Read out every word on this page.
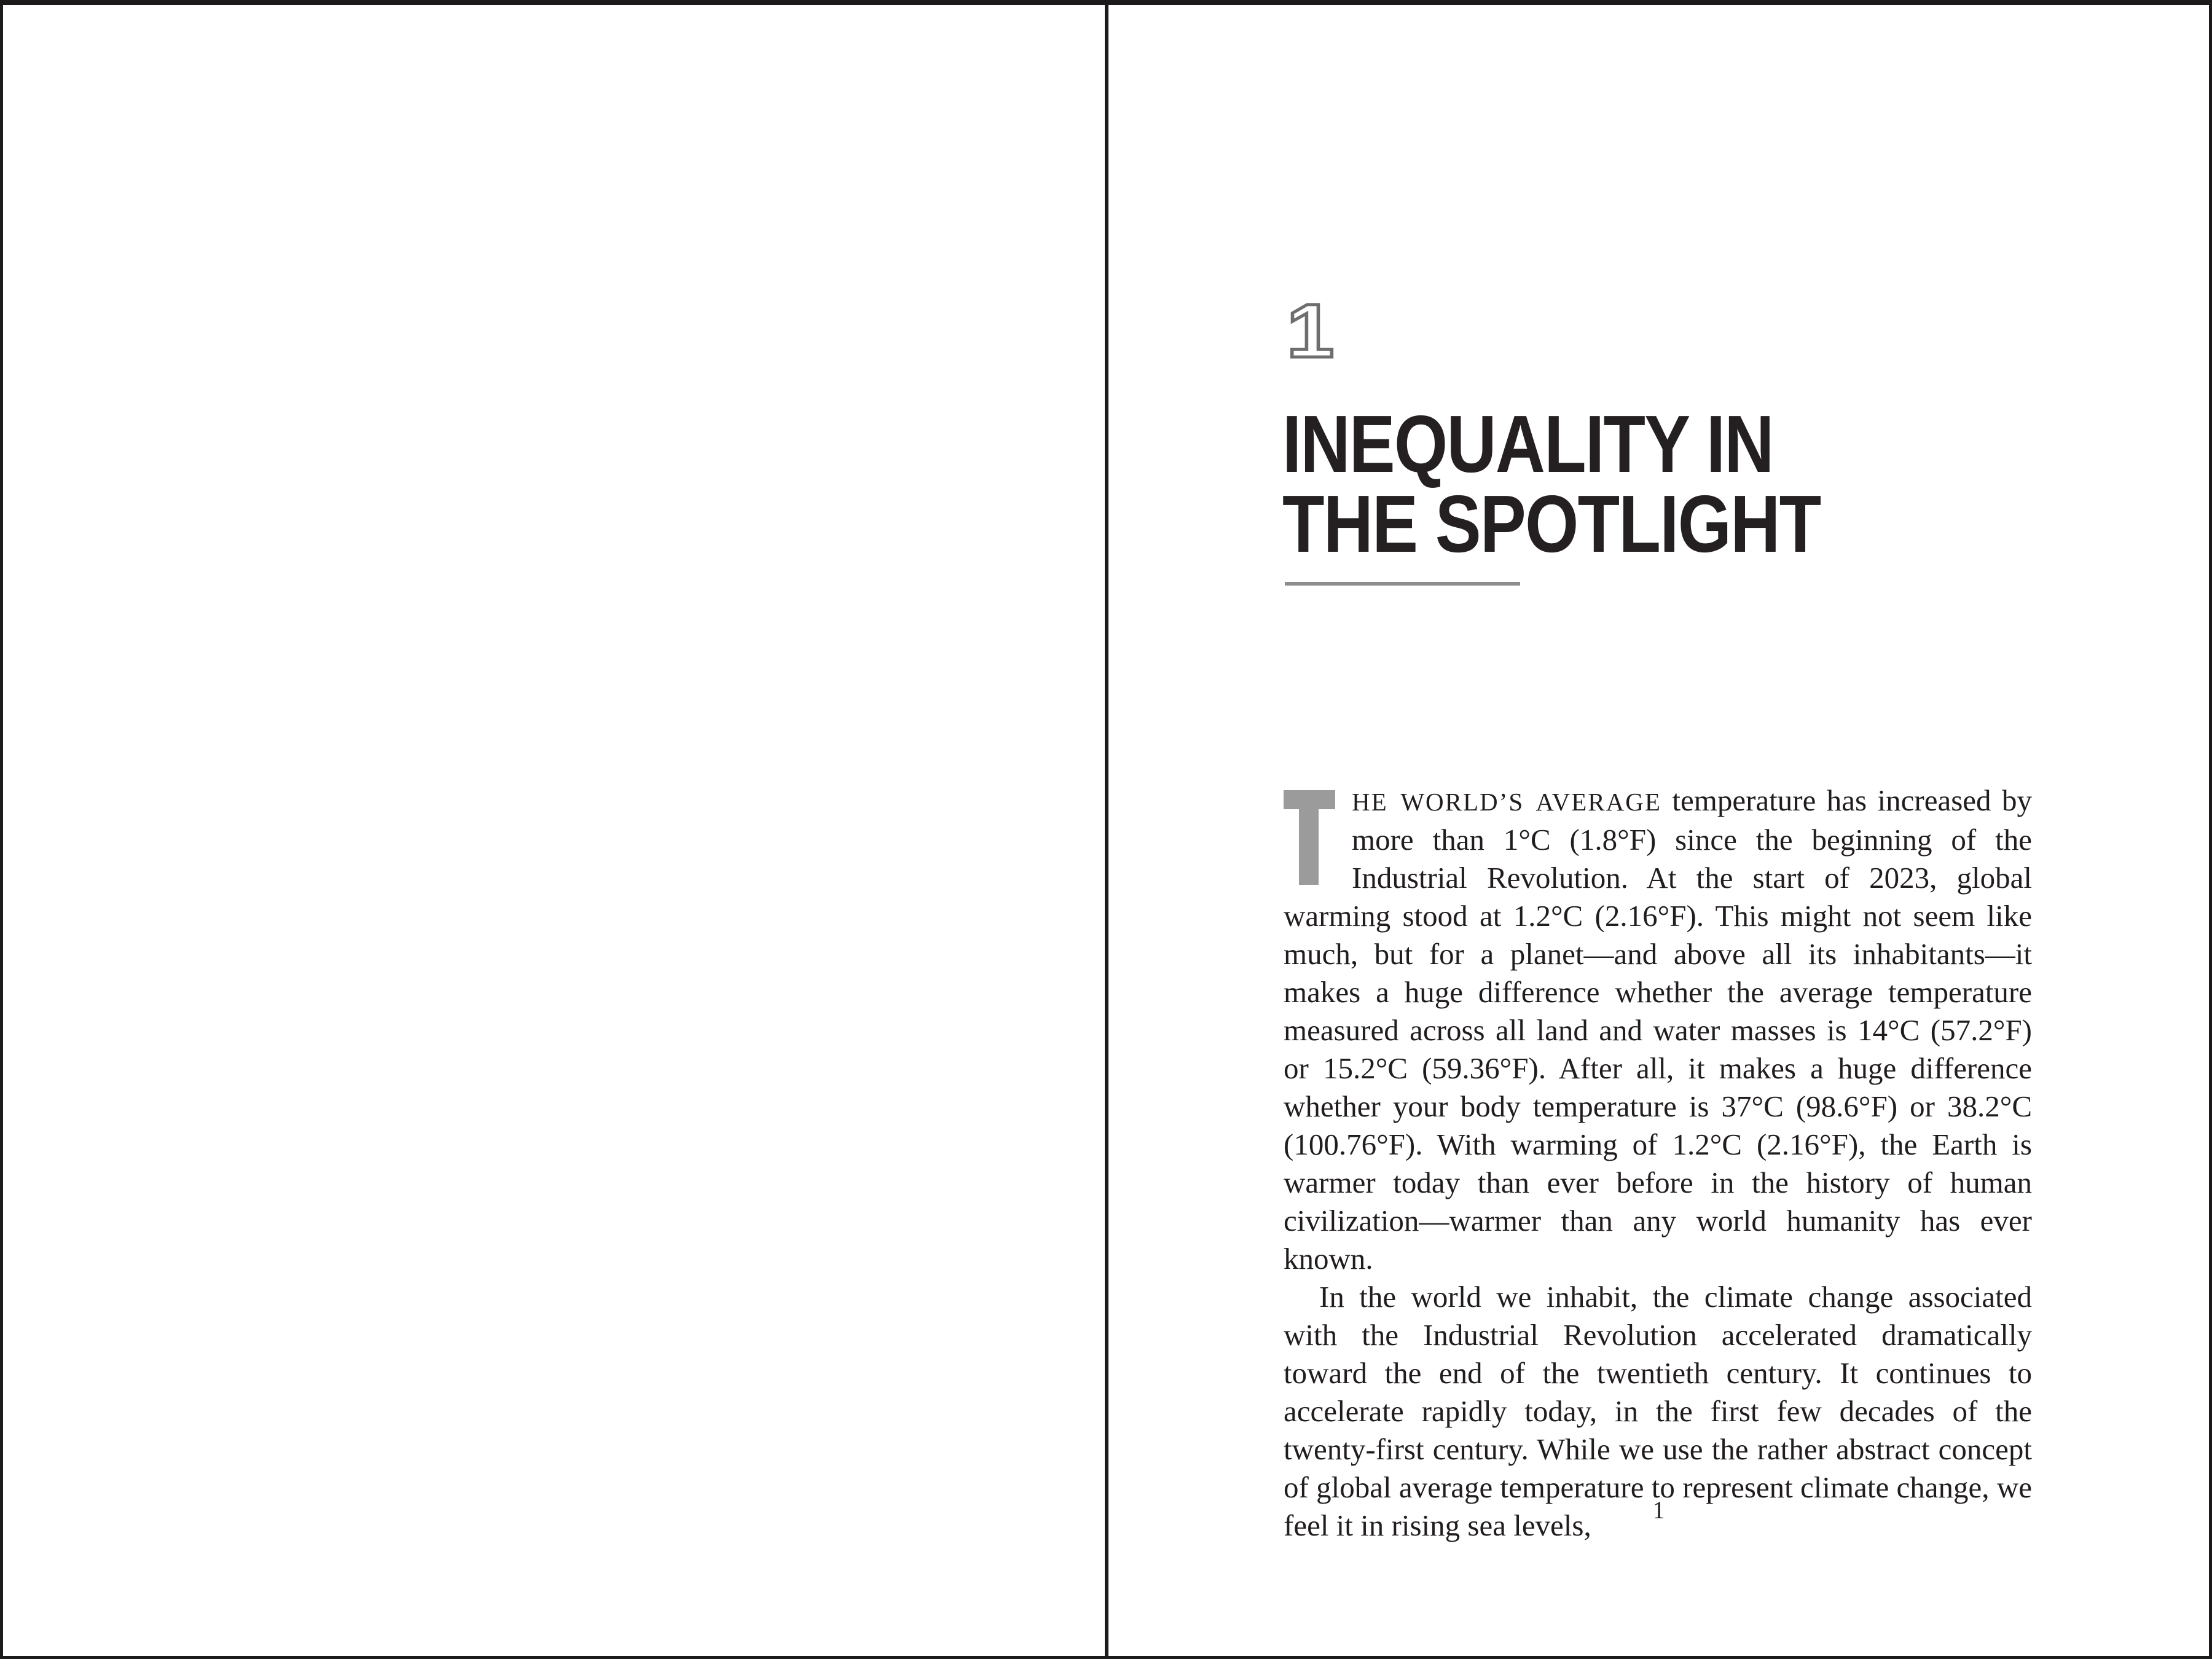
1
INEQUALITY IN
THE SPOTLIGHT

HE WORLD’S AVERAGE temperature has increased by more than 1°C (1.8°F) since the beginning of the Industrial Revolution. At the start of 2023, global warming stood at 1.2°C (2.16°F). This might not seem like much, but for a planet—and above all its inhabitants—it makes a huge difference whether the average temperature measured across all land and water masses is 14°C (57.2°F) or 15.2°C (59.36°F). After all, it makes a huge difference whether your body temperature is 37°C (98.6°F) or 38.2°C (100.76°F). With warming of 1.2°C (2.16°F), the Earth is warmer today than ever before in the history of human civilization—warmer than any world humanity has ever known.

In the world we inhabit, the climate change associated with the Industrial Revolution accelerated dramatically toward the end of the twentieth century. It continues to accelerate rapidly today, in the first few decades of the twenty-first century. While we use the rather abstract concept of global average temperature to represent climate change, we feel it in rising sea levels,	1
